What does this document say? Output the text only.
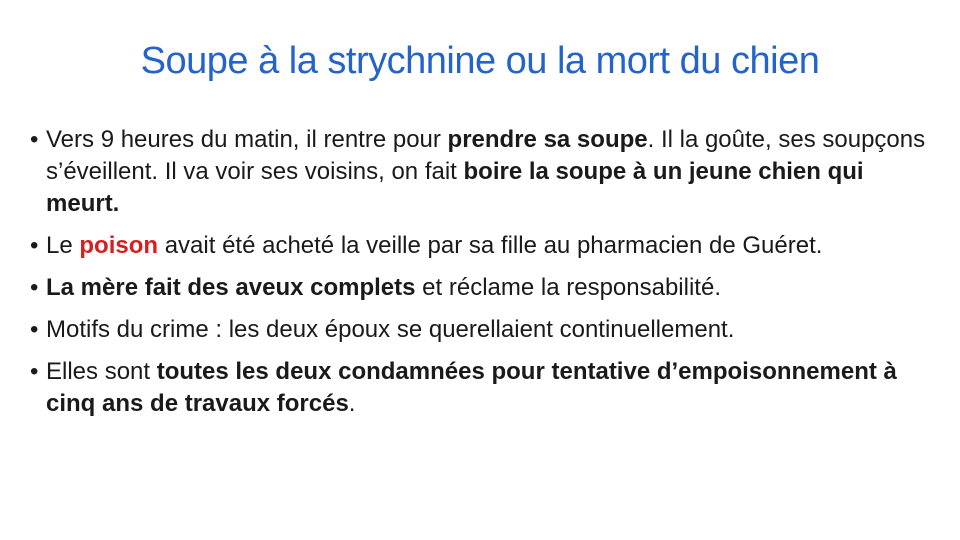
Soupe à la strychnine ou la mort du chien
• Vers 9 heures du matin, il rentre pour prendre sa soupe. Il la goûte, ses soupçons s’éveillent. Il va voir ses voisins, on fait boire la soupe à un jeune chien qui meurt.
• Le poison avait été acheté la veille par sa fille au pharmacien de Guéret.
• La mère fait des aveux complets et réclame la responsabilité.
• Motifs du crime : les deux époux se querellaient continuellement.
• Elles sont toutes les deux condamnées pour tentative d’empoisonnement à cinq ans de travaux forcés.
